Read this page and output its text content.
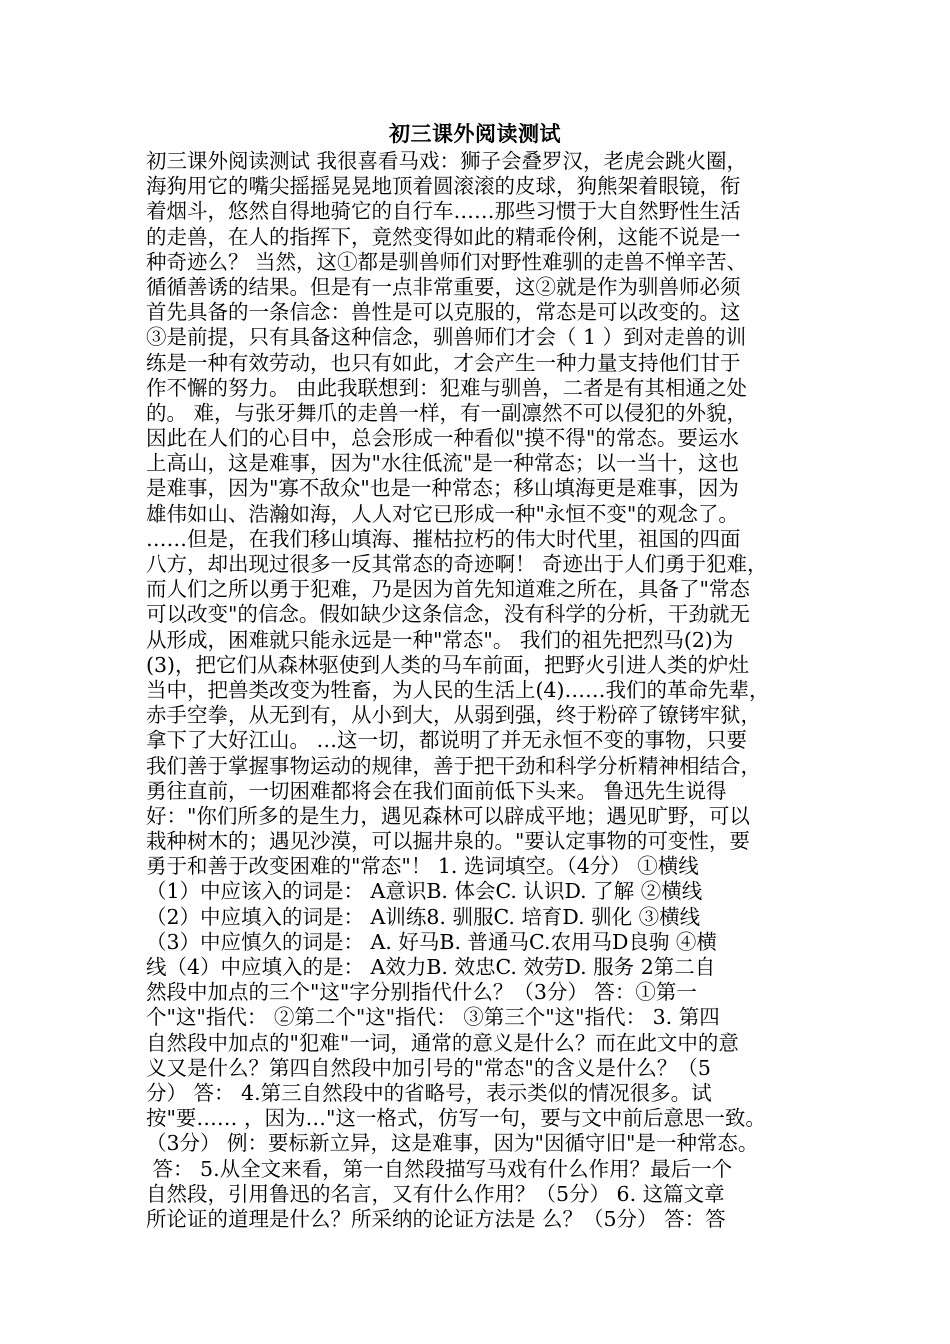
初三课外阅读测试
初三课外阅读测试 我很喜看马戏：狮子会叠罗汉，老虎会跳火圈，
海狗用它的嘴尖摇摇晃晃地顶着圆滚滚的皮球，狗熊架着眼镜，衔
着烟斗，悠然自得地骑它的自行车……那些习惯于大自然野性生活
的走兽，在人的指挥下，竟然变得如此的精乖伶俐，这能不说是一
种奇迹么？ 当然，这①都是驯兽师们对野性难驯的走兽不惮辛苦、
循循善诱的结果。但是有一点非常重要，这②就是作为驯兽师必须
首先具备的一条信念：兽性是可以克服的，常态是可以改变的。这
③是前提，只有具备这种信念，驯兽师们才会（ 1 ）到对走兽的训
练是一种有效劳动，也只有如此，才会产生一种力量支持他们甘于
作不懈的努力。 由此我联想到：犯难与驯兽，二者是有其相通之处
的。 难，与张牙舞爪的走兽一样，有一副凛然不可以侵犯的外貌，
因此在人们的心目中，总会形成一种看似"摸不得"的常态。要运水
上高山，这是难事，因为"水往低流"是一种常态；以一当十，这也
是难事，因为"寡不敌众"也是一种常态；移山填海更是难事，因为
雄伟如山、浩瀚如海，人人对它已形成一种"永恒不变"的观念了。
……但是，在我们移山填海、摧枯拉朽的伟大时代里，祖国的四面
八方，却出现过很多一反其常态的奇迹啊！ 奇迹出于人们勇于犯难，
而人们之所以勇于犯难，乃是因为首先知道难之所在，具备了"常态
可以改变"的信念。假如缺少这条信念，没有科学的分析，干劲就无
从形成，困难就只能永远是一种"常态"。 我们的祖先把烈马(2)为
(3)，把它们从森林驱使到人类的马车前面，把野火引进人类的炉灶
当中，把兽类改变为牲畜，为人民的生活上(4)……我们的革命先辈，
赤手空拳，从无到有，从小到大，从弱到强，终于粉碎了镣铐牢狱，
拿下了大好江山。 …这一切，都说明了并无永恒不变的事物，只要
我们善于掌握事物运动的规律，善于把干劲和科学分析精神相结合，
勇往直前，一切困难都将会在我们面前低下头来。 鲁迅先生说得
好："你们所多的是生力，遇见森林可以辟成平地；遇见旷野，可以
栽种树木的；遇见沙漠，可以掘井泉的。"要认定事物的可变性，要
勇于和善于改变困难的"常态"！ 1. 选词填空。（4分） ①横线
（1）中应该入的词是： A意识B. 体会C. 认识D. 了解 ②横线
（2）中应填入的词是： A训练8. 驯服C. 培育D. 驯化 ③横线
（3）中应慎久的词是： A. 好马B. 普通马C.农用马D良驹 ④横
线（4）中应填入的是： A效力B. 效忠C. 效劳D. 服务 2第二自
然段中加点的三个"这"字分别指代什么？（3分） 答：①第一
个"这"指代： ②第二个"这"指代： ③第三个"这"指代： 3. 第四
自然段中加点的"犯难"一词，通常的意义是什么？而在此文中的意
义又是什么？第四自然段中加引号的"常态"的含义是什么？（5
分） 答： 4.第三自然段中的省略号，表示类似的情况很多。试
按"要…… ，因为…"这一格式，仿写一句，要与文中前后意思一致。
（3分） 例：要标新立异，这是难事，因为"因循守旧"是一种常态。
答： 5.从全文来看，第一自然段描写马戏有什么作用？最后一个
自然段，引用鲁迅的名言，又有什么作用？（5分） 6. 这篇文章
所论证的道理是什么？所采纳的论证方法是 么？（5分） 答：答
